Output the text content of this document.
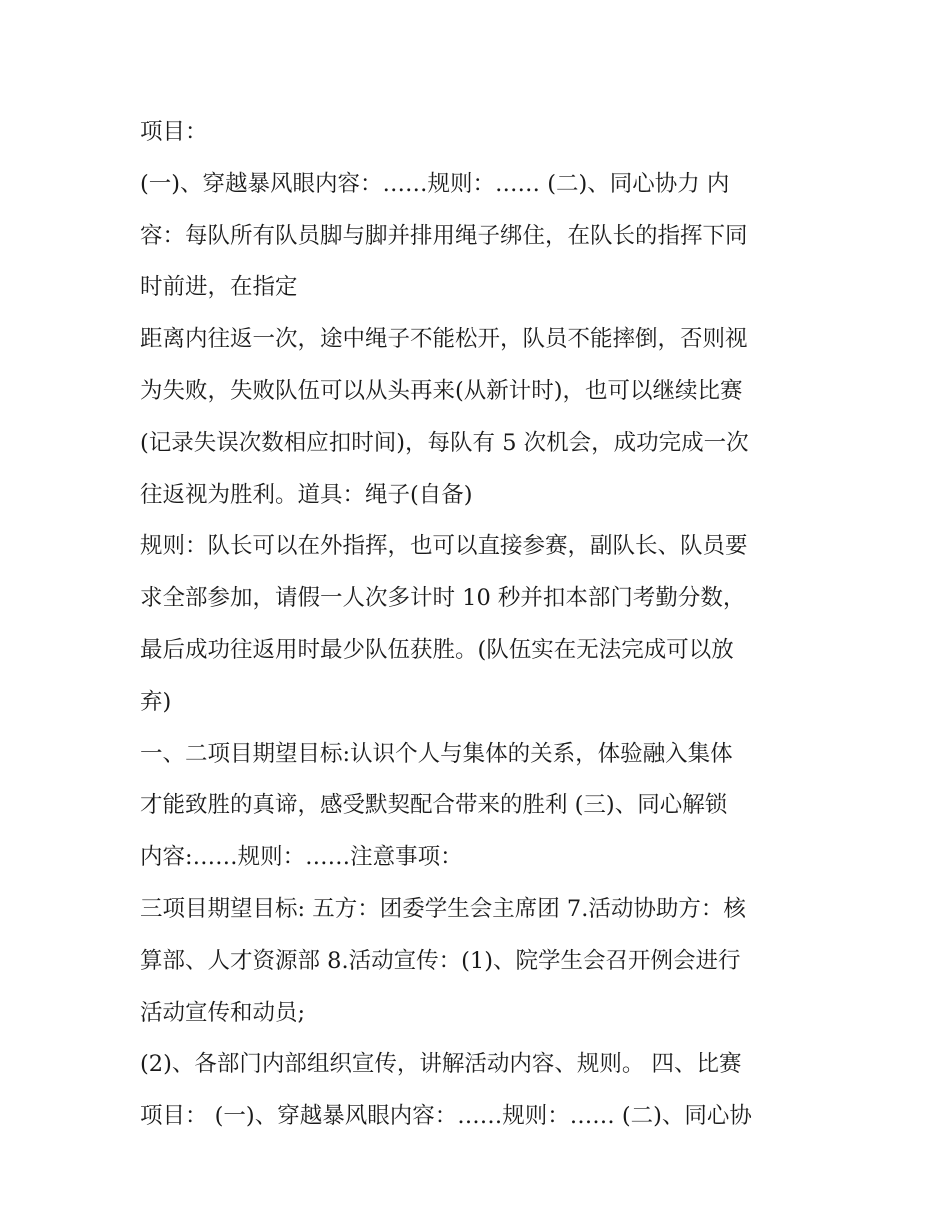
项目：
(一)、穿越暴风眼内容：……规则：…… (二)、同心协力 内
容：每队所有队员脚与脚并排用绳子绑住，在队长的指挥下同
时前进，在指定
距离内往返一次，途中绳子不能松开，队员不能摔倒，否则视
为失败，失败队伍可以从头再来(从新计时)，也可以继续比赛
(记录失误次数相应扣时间)，每队有 5 次机会，成功完成一次
往返视为胜利。道具：绳子(自备)
规则：队长可以在外指挥，也可以直接参赛，副队长、队员要
求全部参加，请假一人次多计时 10 秒并扣本部门考勤分数，
最后成功往返用时最少队伍获胜。(队伍实在无法完成可以放
弃)
一、二项目期望目标:认识个人与集体的关系，体验融入集体
才能致胜的真谛，感受默契配合带来的胜利 (三)、同心解锁
内容:……规则：……注意事项：
三项目期望目标: 五方：团委学生会主席团 7.活动协助方：核
算部、人才资源部 8.活动宣传：(1)、院学生会召开例会进行
活动宣传和动员;
(2)、各部门内部组织宣传，讲解活动内容、规则。 四、比赛
项目： (一)、穿越暴风眼内容：……规则：…… (二)、同心协
